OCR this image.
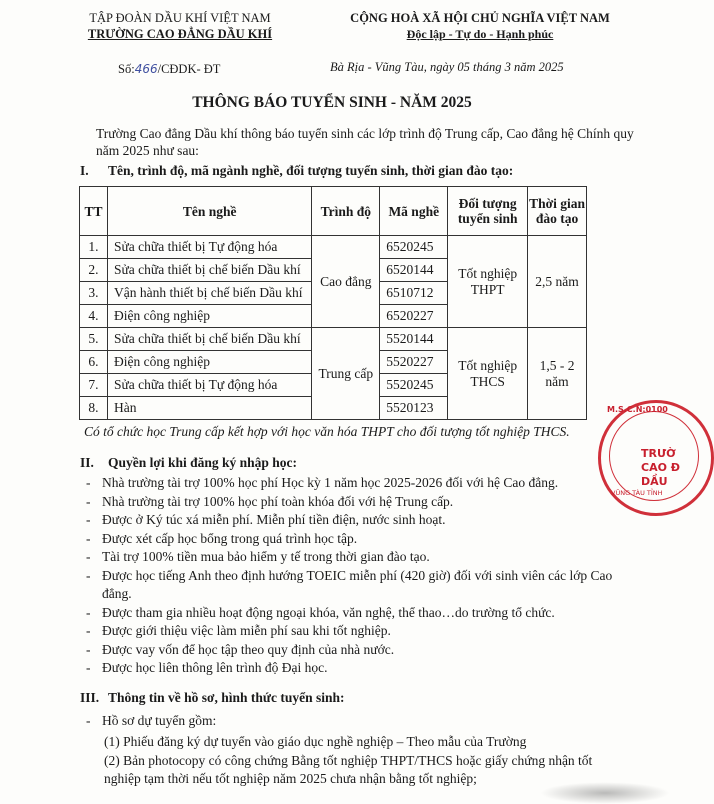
TẬP ĐOÀN DẦU KHÍ VIỆT NAM
TRƯỜNG CAO ĐẲNG DẦU KHÍ
CỘNG HOÀ XÃ HỘI CHỦ NGHĨA VIỆT NAM
Độc lập - Tự do - Hạnh phúc
Số:466/CĐDK- ĐT	Bà Rịa - Vũng Tàu, ngày 05 tháng 3 năm 2025
THÔNG BÁO TUYỂN SINH - NĂM 2025
Trường Cao đẳng Dầu khí thông báo tuyển sinh các lớp trình độ Trung cấp, Cao đẳng hệ Chính quy năm 2025 như sau:
I. Tên, trình độ, mã ngành nghề, đối tượng tuyển sinh, thời gian đào tạo:
TT	Tên nghề	Trình độ	Mã nghề	Đối tượng tuyển sinh	Thời gian đào tạo
1.	Sửa chữa thiết bị Tự động hóa	Cao đẳng	6520245	Tốt nghiệp THPT	2,5 năm
2.	Sửa chữa thiết bị chế biến Dầu khí		6520144		
3.	Vận hành thiết bị chế biến Dầu khí		6510712		
4.	Điện công nghiệp		6520227		
5.	Sửa chữa thiết bị chế biến Dầu khí	Trung cấp	5520144	Tốt nghiệp THCS	1,5 - 2 năm
6.	Điện công nghiệp		5520227		
7.	Sửa chữa thiết bị Tự động hóa		5520245		
8.	Hàn		5520123		
Có tổ chức học Trung cấp kết hợp với học văn hóa THPT cho đối tượng tốt nghiệp THCS.
II. Quyền lợi khi đăng ký nhập học:
- Nhà trường tài trợ 100% học phí Học kỳ 1 năm học 2025-2026 đối với hệ Cao đẳng.
- Nhà trường tài trợ 100% học phí toàn khóa đối với hệ Trung cấp.
- Được ở Ký túc xá miễn phí. Miễn phí tiền điện, nước sinh hoạt.
- Được xét cấp học bổng trong quá trình học tập.
- Tài trợ 100% tiền mua bảo hiểm y tế trong thời gian đào tạo.
- Được học tiếng Anh theo định hướng TOEIC miễn phí (420 giờ) đối với sinh viên các lớp Cao đẳng.
- Được tham gia nhiều hoạt động ngoại khóa, văn nghệ, thể thao…do trường tổ chức.
- Được giới thiệu việc làm miễn phí sau khi tốt nghiệp.
- Được vay vốn để học tập theo quy định của nhà nước.
- Được học liên thông lên trình độ Đại học.
III. Thông tin về hồ sơ, hình thức tuyển sinh:
- Hồ sơ dự tuyển gồm:
(1) Phiếu đăng ký dự tuyển vào giáo dục nghề nghiệp – Theo mẫu của Trường
(2) Bản photocopy có công chứng Bằng tốt nghiệp THPT/THCS hoặc giấy chứng nhận tốt nghiệp tạm thời nếu tốt nghiệp năm 2025 chưa nhận bằng tốt nghiệp;
M.S.C.N:0100
TRƯỜ
CAO Đ
DẦU
VŨNG TÀU TỈNH
